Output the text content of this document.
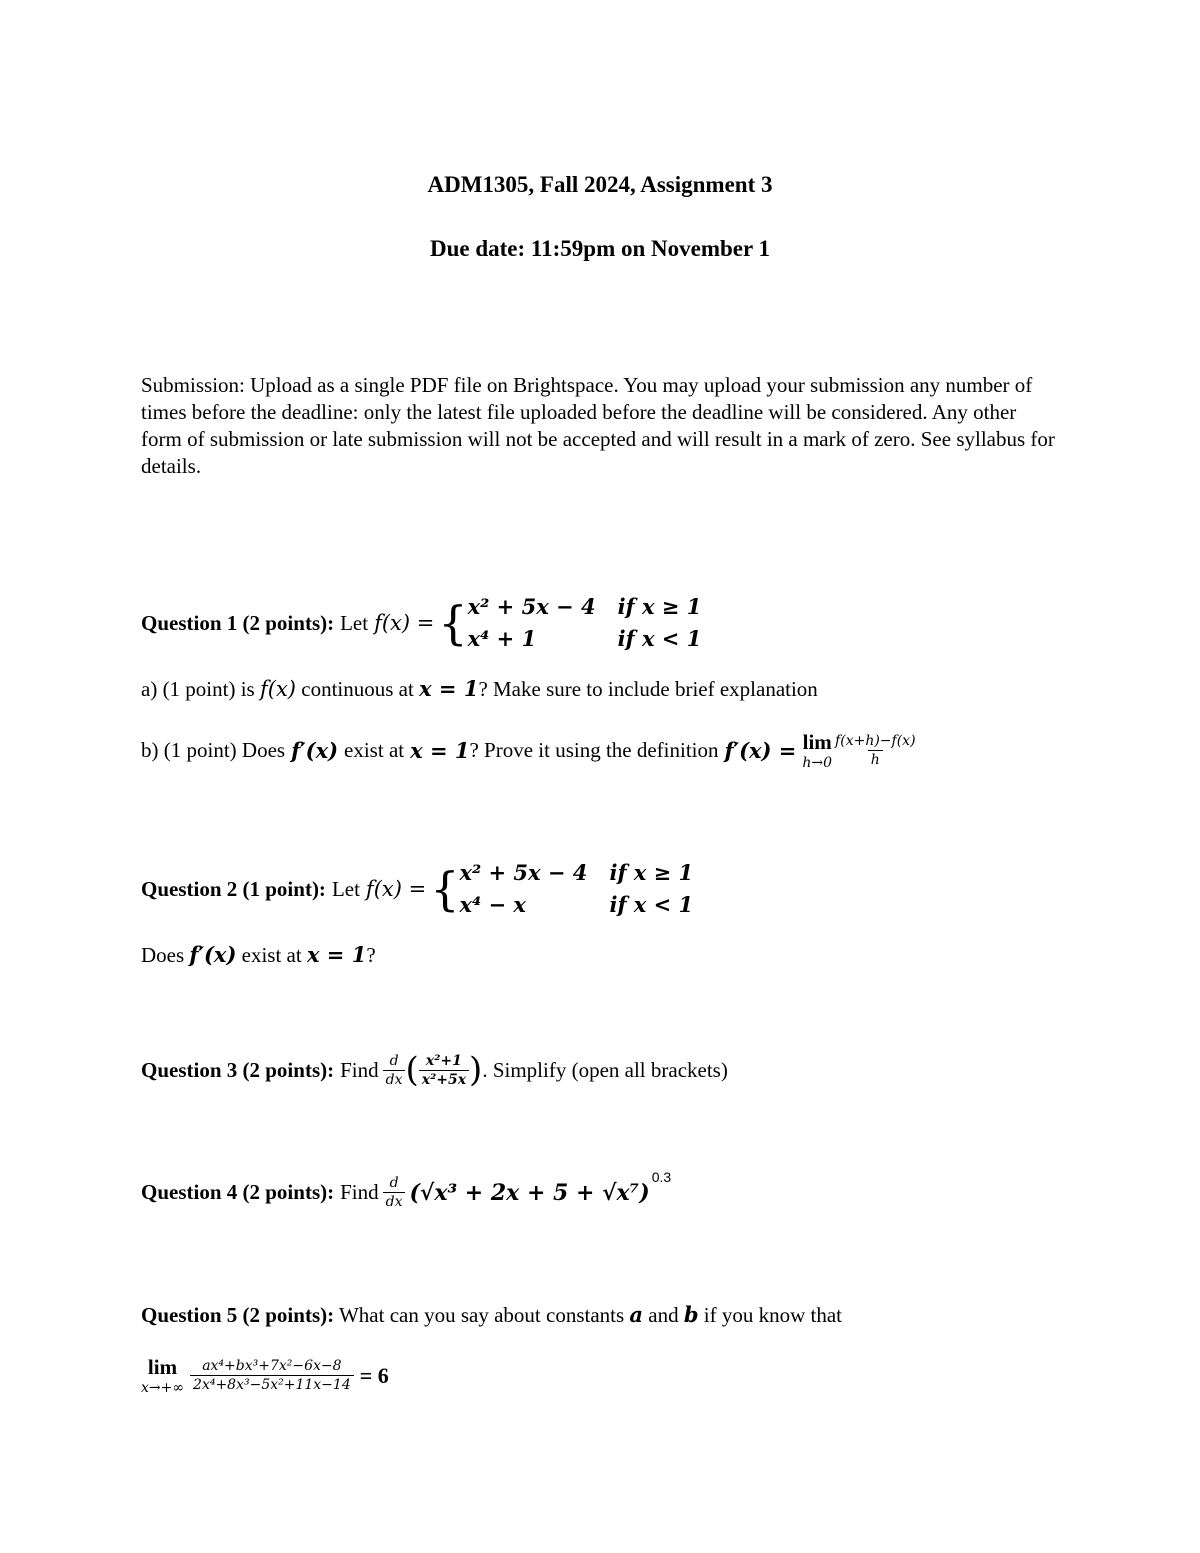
ADM1305, Fall 2024, Assignment 3
Due date: 11:59pm on November 1
Submission: Upload as a single PDF file on Brightspace. You may upload your submission any number of times before the deadline: only the latest file uploaded before the deadline will be considered. Any other form of submission or late submission will not be accepted and will result in a mark of zero. See syllabus for details.
Question 1 (2 points): Let f(x) = { x² + 5x − 4 if x ≥ 1
x⁴ + 1	if x < 1
a) (1 point) is f(x) continuous at x = 1? Make sure to include brief explanation
b) (1 point) Does f′(x) exist at x = 1 ? Prove it using the definition f′(x) = lim
$h\to 0 \frac{f(x+h)-f(x)}{h}$
Question 2 (1 point): Let f(x) = { x² + 5x − 4 if x ≥ 1
x⁴ − x	if x < 1
Does f′(x) exist at x = 1?
Question 3 (2 points): Find $\frac{d}{dx}$ ( $\frac{\text{x²+1}}{\text{x²+5x}}$ ) . Simplify (open all brackets)
Question 4 (2 points): Find $\frac{d}{dx} (√x^3 + 2x + 5 + √x^7)$
0.3
Question 5 (2 points): What can you say about constants a and b if you know that
lim
$x\to+\infty \frac{\text{ax⁴+bx³+7x²−6x−8}}{\text{2x⁴+8x³−5x²+11x−14}} = 6$
